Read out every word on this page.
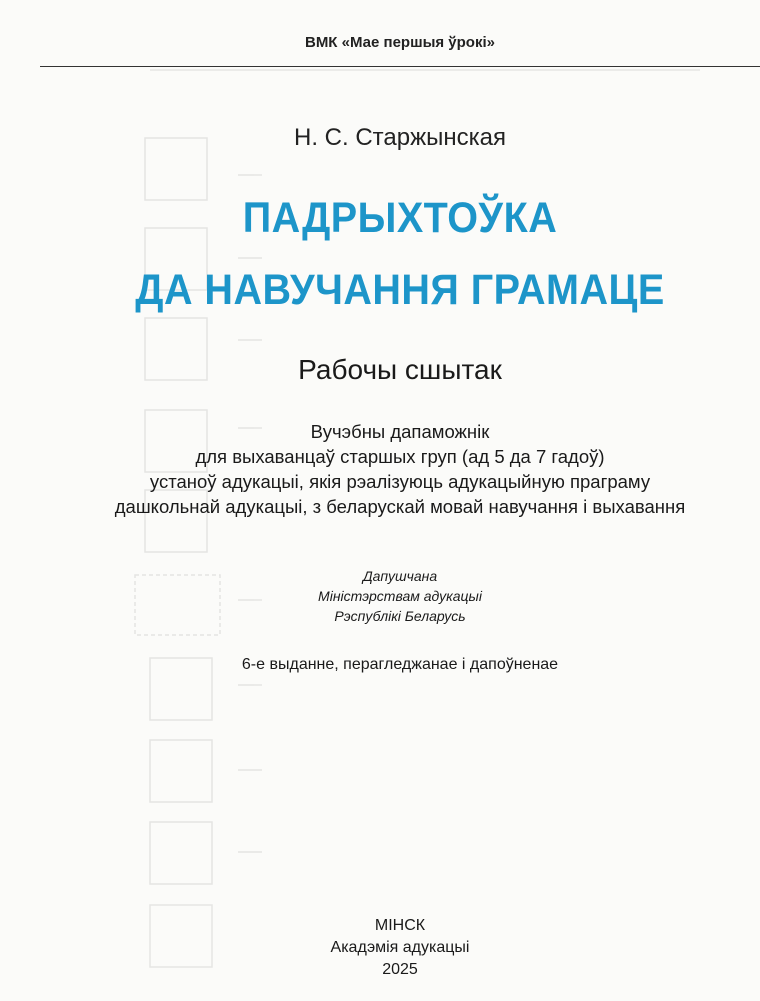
ВМК «Мае першыя ўрокі»
Н. С. Старжынская
ПАДРЫХТОЎКА
ДА НАВУЧАННЯ ГРАМАЦЕ
Рабочы сшытак
Вучэбны дапаможнік
для выхаванцаў старшых груп (ад 5 да 7 гадоў)
устаноў адукацыі, якія рэалізуюць адукацыйную праграму
дашкольнай адукацыі, з беларускай мовай навучання і выхавання
Дапушчана
Міністэрствам адукацыі
Рэспублікі Беларусь
6-е выданне, перагледжанае і дапоўненае
МІНСК
Акадэмія адукацыі
2025
